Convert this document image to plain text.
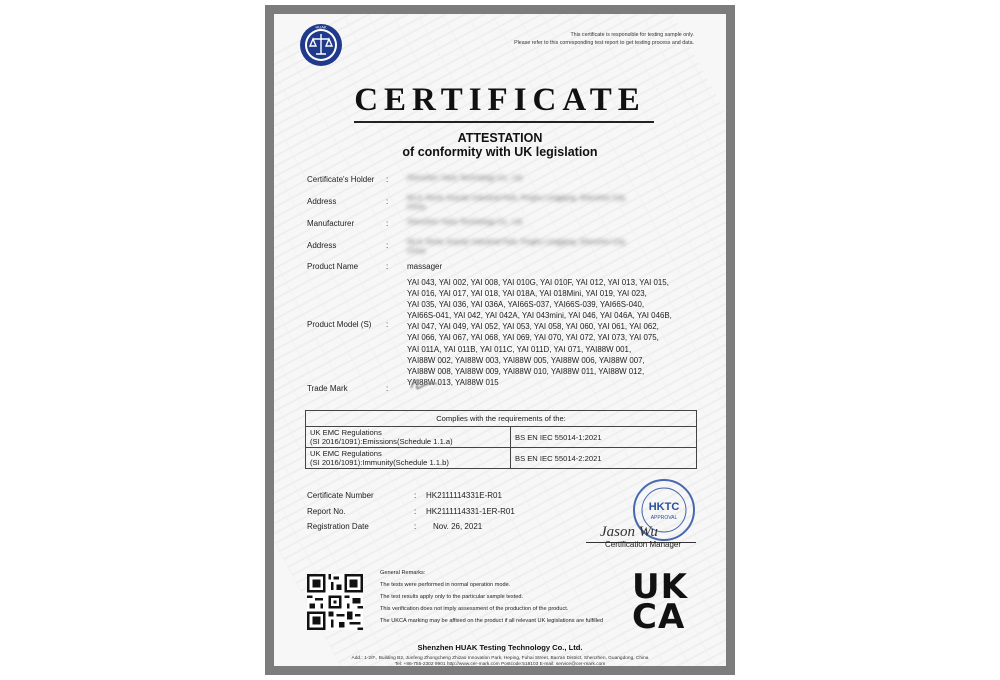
HUAK
This certificate is responsible for testing sample only.
Please refer to this corresponding test report to get testing process and data.
CERTIFICATE
ATTESTATION
of conformity with UK legislation
Certificate's Holder :	Shenzhen Yiaon Technology Co., Ltd.
Address	:	No.8, Renlu Jinyuan Industrial Park, Pinghu Longgang, Shenzhen City,
China
Manufacturer	:	Shenzhen Yiaon Technology Co., Ltd.
Address	:	No.8, Renlu Jinyuan Industrial Park, Pinghu Longgang, Shenzhen City,
China
Product Name	: massager
Product Model (S) :
YAI 043, YAI 002, YAI 008, YAI 010G, YAI 010F, YAI 012, YAI 013, YAI 015,
YAI 016, YAI 017, YAI 018, YAI 018A, YAI 018Mini, YAI 019, YAI 023,
YAI 035, YAI 036, YAI 036A, YAI66S-037, YAI66S-039, YAI66S-040,
YAI66S-041, YAI 042, YAI 042A, YAI 043mini, YAI 046, YAI 046A, YAI 046B,
YAI 047, YAI 049, YAI 052, YAI 053, YAI 058, YAI 060, YAI 061, YAI 062,
YAI 066, YAI 067, YAI 068, YAI 069, YAI 070, YAI 072, YAI 073, YAI 075,
YAI 011A, YAI 011B, YAI 011C, YAI 011D, YAI 071, YAI88W 001,
YAI88W 002, YAI88W 003, YAI88W 005, YAI88W 006, YAI88W 007,
YAI88W 008, YAI88W 009, YAI88W 010, YAI88W 011, YAI88W 012,
YAI88W 013, YAI88W 015
Trade Mark	:
Complies with the requirements of the:	

UK EMC Regulations
(SI 2016/1091):Emissions(Schedule 1.1.a)	BS EN IEC 55014-1:2021

UK EMC Regulations
(SI 2016/1091):Immunity(Schedule 1.1.b)	BS EN IEC 55014-2:2021
Certificate Number	: HK2111114331E-R01
Report No.	: HK2111114331-1ER-R01
Registration Date	: Nov. 26, 2021
HKTC
APPROVAL
Jason Wu
Certification Manager
General Remarks:
The tests were performed in normal operation mode.
The test results apply only to the particular sample tested.
This verification does not imply assessment of the production of the product.
The UKCA marking may be affixed on the product if all relevant UK legislations are fulfilled
UK
CA
Shenzhen HUAK Testing Technology Co., Ltd.
Add.: 1-2/F., Building B2, Junfeng Zhongcheng Zhizao Innovation Park, Heping, Fuhai Street, Bao'an District, Shenzhen, Guangdong, China
Tel: +86-755-2302 9901 http://www.cer-mark.com Postcode:518103 E-mail: service@cer-mark.com
